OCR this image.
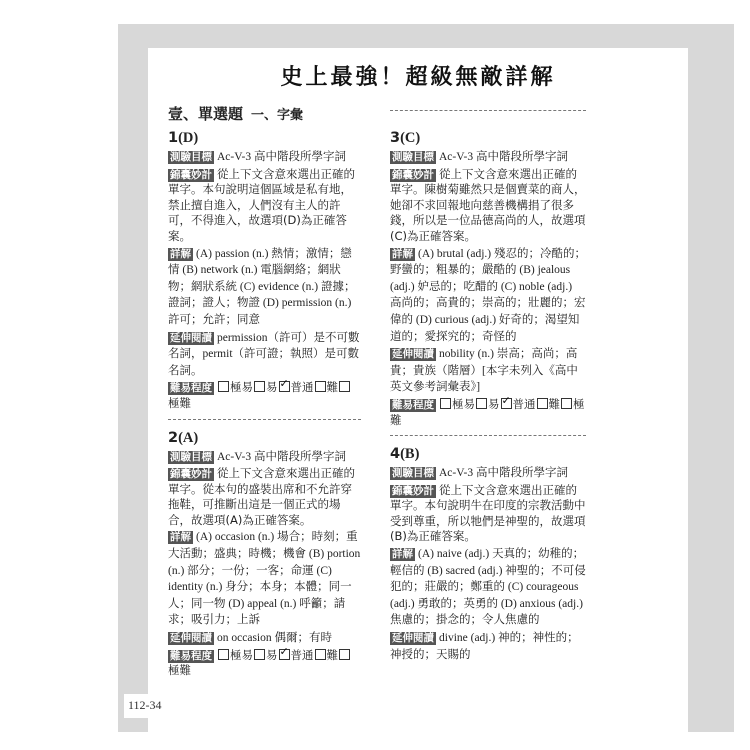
112-34
史上最強！超級無敵詳解
壹、單選題 一、字彙
1(D)
測驗目標 Ac-V-3 高中階段所學字詞
錦囊妙計 從上下文含意來選出正確的單字。本句說明這個區域是私有地，禁止擅自進入，人們沒有主人的許可，不得進入，故選項(D)為正確答案。
詳解 (A) passion (n.) 熱情；激情；戀情 (B) network (n.) 電腦網絡；網狀物；網狀系統 (C) evidence (n.) 證據；證詞；證人；物證 (D) permission (n.) 許可；允許；同意
延伸閱讀 permission（許可）是不可數名詞，permit（許可證；執照）是可數名詞。
難易程度 極易 易 ✓ 普通 難極難
2(A)
測驗目標 Ac-V-3 高中階段所學字詞
錦囊妙計 從上下文含意來選出正確的單字。從本句的盛裝出席和不允許穿拖鞋，可推斷出這是一個正式的場合，故選項(A)為正確答案。
詳解 (A) occasion (n.) 場合；時刻；重大活動；盛典；時機；機會 (B) portion (n.) 部分；一份；一客；命運 (C) identity (n.) 身分；本身；本體；同一人；同一物 (D) appeal (n.) 呼籲；請求；吸引力；上訴
延伸閱讀 on occasion 偶爾；有時
難易程度 極易 易 ✓ 普通 難極難
3(C)
測驗目標 Ac-V-3 高中階段所學字詞
錦囊妙計 從上下文含意來選出正確的單字。陳樹菊雖然只是個賣菜的商人，她卻不求回報地向慈善機構捐了很多錢，所以是一位品德高尚的人，故選項(C)為正確答案。
詳解 (A) brutal (adj.) 殘忍的；冷酷的；野蠻的；粗暴的；嚴酷的 (B) jealous (adj.) 妒忌的；吃醋的 (C) noble (adj.) 高尚的；高貴的；崇高的；壯麗的；宏偉的 (D) curious (adj.) 好奇的；渴望知道的；愛探究的；奇怪的
延伸閱讀 nobility (n.) 崇高；高尚；高貴；貴族（階層）[本字未列入《高中英文參考詞彙表》]
難易程度 極易 易 ✓ 普通 難 極難
4(B)
測驗目標 Ac-V-3 高中階段所學字詞
錦囊妙計 從上下文含意來選出正確的單字。本句說明牛在印度的宗教活動中受到尊重，所以牠們是神聖的，故選項(B)為正確答案。
詳解 (A) naive (adj.) 天真的；幼稚的；輕信的 (B) sacred (adj.) 神聖的；不可侵犯的；莊嚴的；鄭重的 (C) courageous (adj.) 勇敢的；英勇的 (D) anxious (adj.) 焦慮的；掛念的；令人焦慮的
延伸閱讀 divine (adj.) 神的；神性的；神授的；天賜的
